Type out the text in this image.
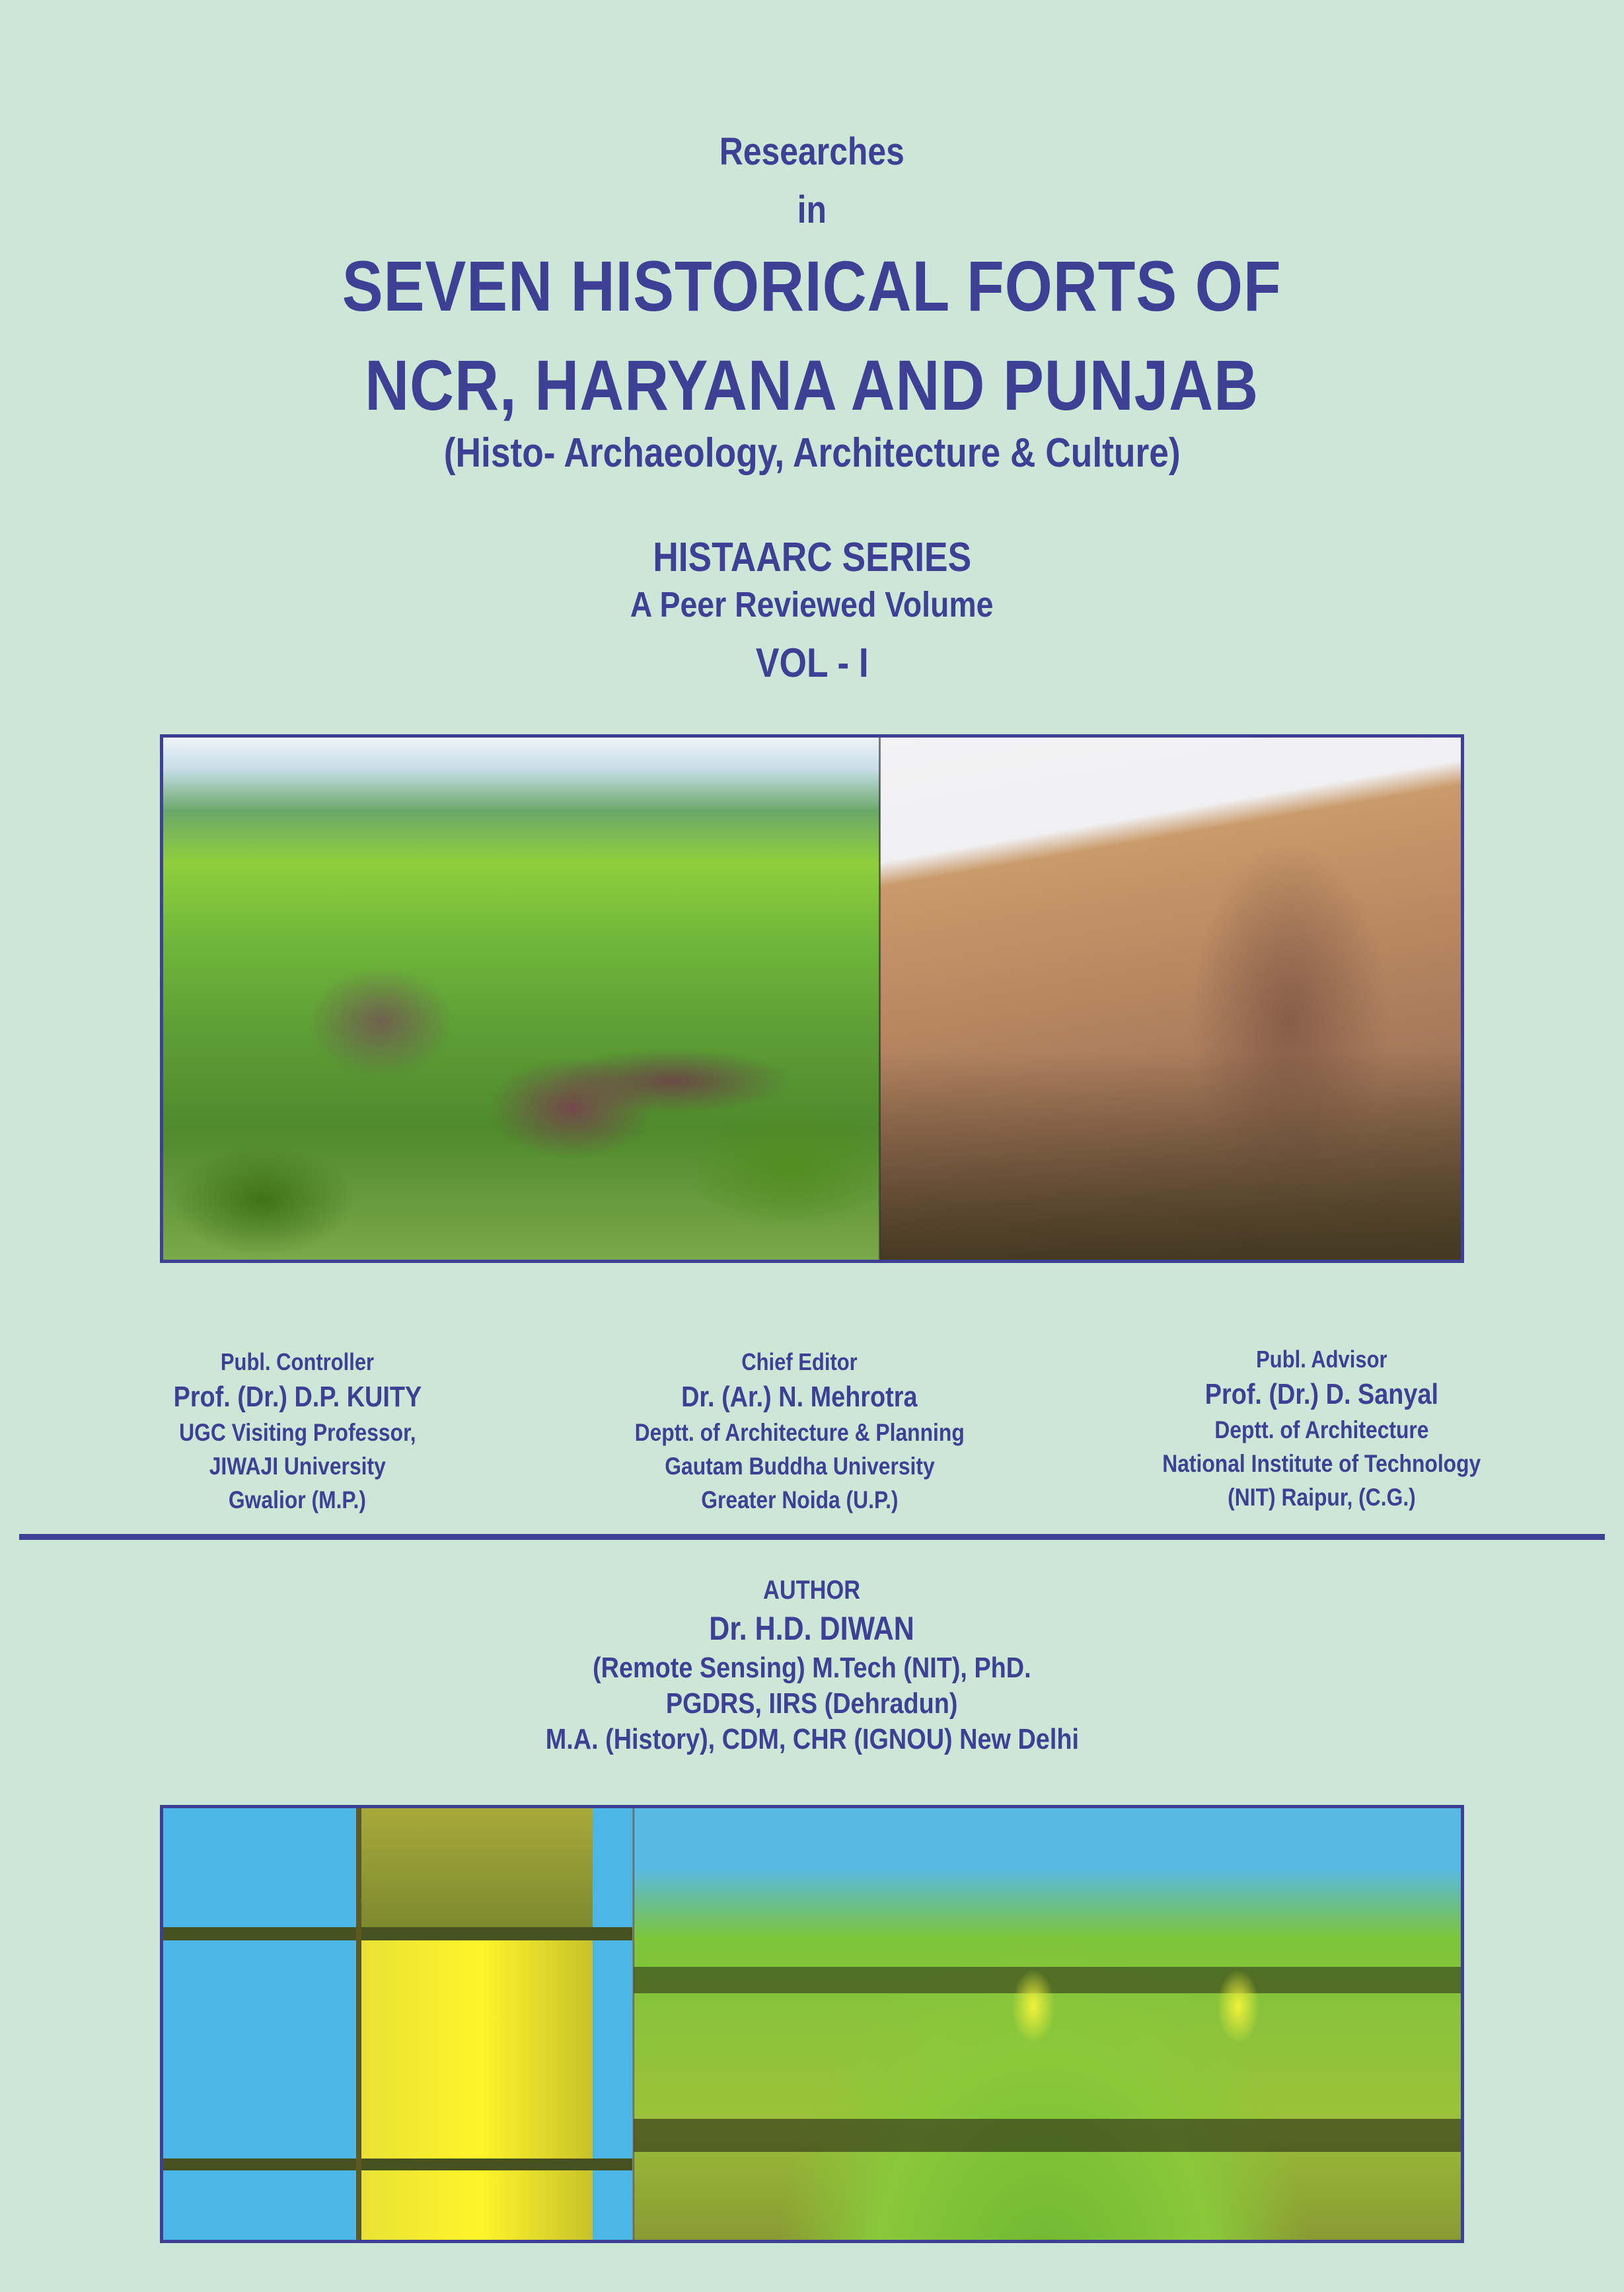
Researches
in
SEVEN HISTORICAL FORTS OF
NCR, HARYANA AND PUNJAB
(Histo- Archaeology, Architecture & Culture)
HISTAARC SERIES
A Peer Reviewed Volume
VOL - I
Publ. Controller
Prof. (Dr.) D.P. KUITY
UGC Visiting Professor,
JIWAJI University
Gwalior (M.P.)
Chief Editor
Dr. (Ar.) N. Mehrotra
Deptt. of Architecture & Planning
Gautam Buddha University
Greater Noida (U.P.)
Publ. Advisor
Prof. (Dr.) D. Sanyal
Deptt. of Architecture
National Institute of Technology
(NIT) Raipur, (C.G.)
AUTHOR
Dr. H.D. DIWAN
(Remote Sensing) M.Tech (NIT), PhD.
PGDRS, IIRS (Dehradun)
M.A. (History), CDM, CHR (IGNOU) New Delhi
